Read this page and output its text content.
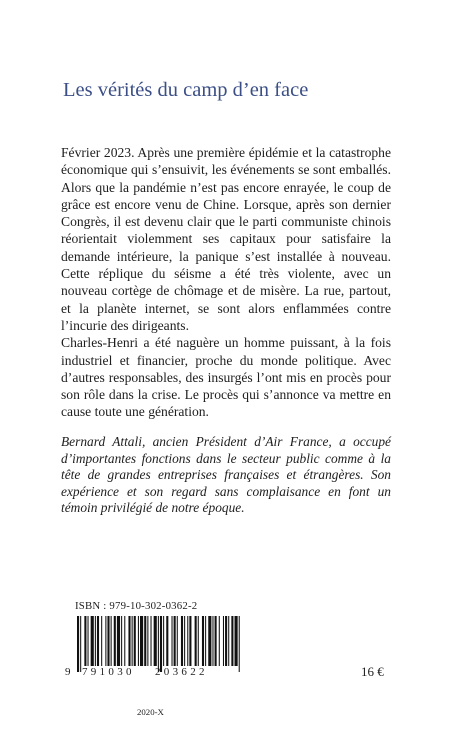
Les vérités du camp d’en face

Février 2023. Après une première épidémie et la catastrophe économique qui s’ensuivit, les événements se sont emballés. Alors que la pandémie n’est pas encore enrayée, le coup de grâce est encore venu de Chine. Lorsque, après son dernier Congrès, il est devenu clair que le parti communiste chinois réorientait violemment ses capitaux pour satisfaire la demande intérieure, la panique s’est installée à nouveau. Cette réplique du séisme a été très violente, avec un nouveau cortège de chômage et de misère. La rue, partout, et la planète internet, se sont alors enflammées contre l’incurie des dirigeants.

Charles-Henri a été naguère un homme puissant, à la fois industriel et financier, proche du monde politique. Avec d’autres responsables, des insurgés l’ont mis en procès pour son rôle dans la crise. Le procès qui s’annonce va mettre en cause toute une génération.

Bernard Attali, ancien Président d’Air France, a occupé d’importantes fonctions dans le secteur public comme à la tête de grandes entreprises françaises et étrangères. Son expérience et son regard sans complaisance en font un témoin privilégié de notre époque.
ISBN : 979-10-302-0362-2
9 791030 203622
2020-X
16 €
